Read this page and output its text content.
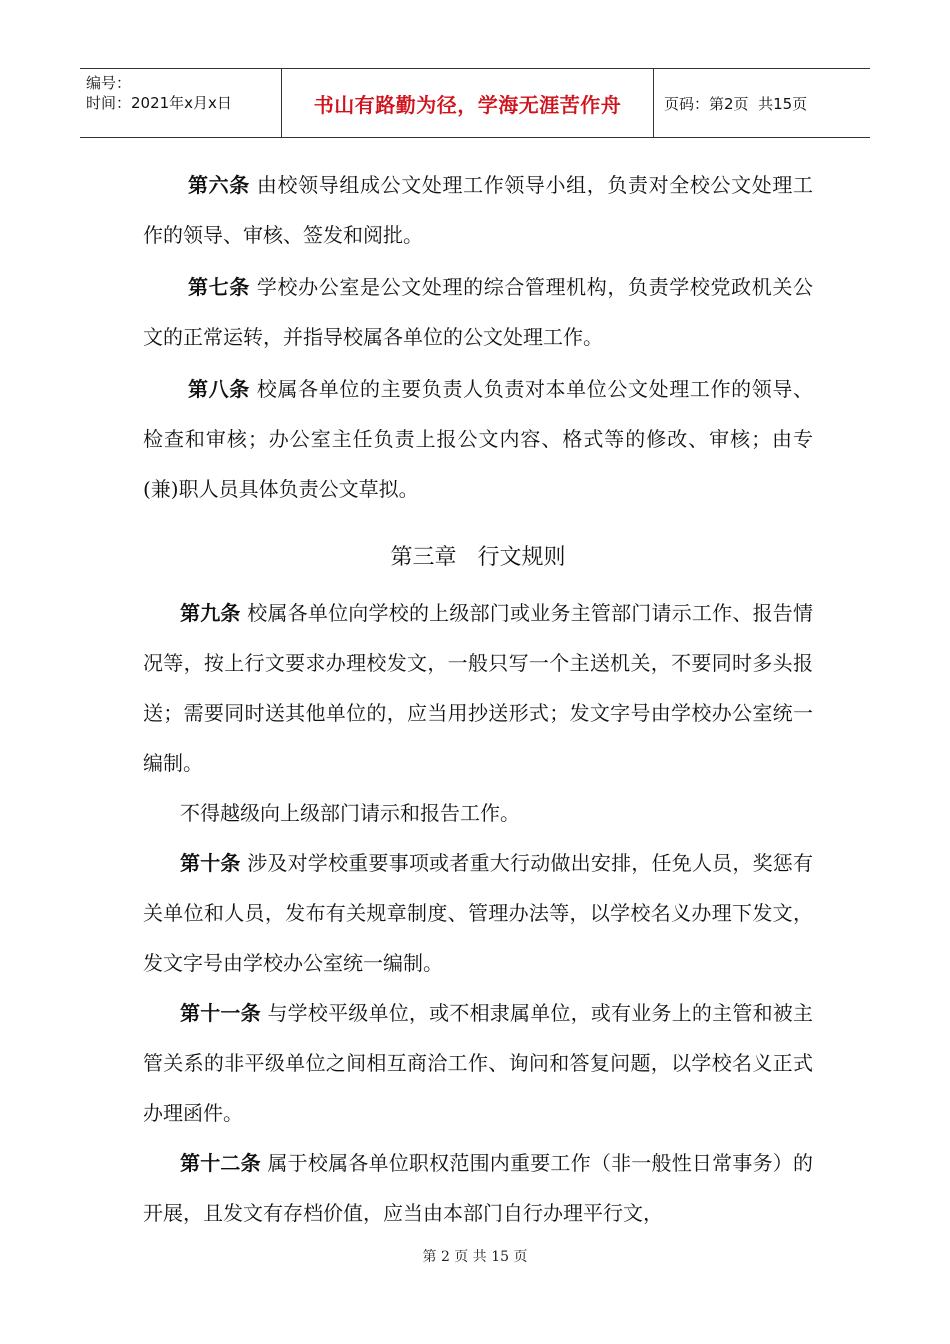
编号：
时间：2021年x月x日	书山有路勤为径，学海无涯苦作舟	页码：第2页  共15页

第六条 由校领导组成公文处理工作领导小组，负责对全校公文处理工作的领导、审核、签发和阅批。

第七条 学校办公室是公文处理的综合管理机构，负责学校党政机关公文的正常运转，并指导校属各单位的公文处理工作。

第八条 校属各单位的主要负责人负责对本单位公文处理工作的领导、检查和审核；办公室主任负责上报公文内容、格式等的修改、审核；由专(兼)职人员具体负责公文草拟。

第三章   行文规则

第九条 校属各单位向学校的上级部门或业务主管部门请示工作、报告情况等，按上行文要求办理校发文，一般只写一个主送机关，不要同时多头报送；需要同时送其他单位的，应当用抄送形式；发文字号由学校办公室统一编制。

不得越级向上级部门请示和报告工作。

第十条 涉及对学校重要事项或者重大行动做出安排，任免人员，奖惩有关单位和人员，发布有关规章制度、管理办法等，以学校名义办理下发文，发文字号由学校办公室统一编制。

第十一条 与学校平级单位，或不相隶属单位，或有业务上的主管和被主管关系的非平级单位之间相互商洽工作、询问和答复问题，以学校名义正式办理函件。

第十二条 属于校属各单位职权范围内重要工作（非一般性日常事务）的开展，且发文有存档价值，应当由本部门自行办理平行文，

第 2 页 共 15 页
